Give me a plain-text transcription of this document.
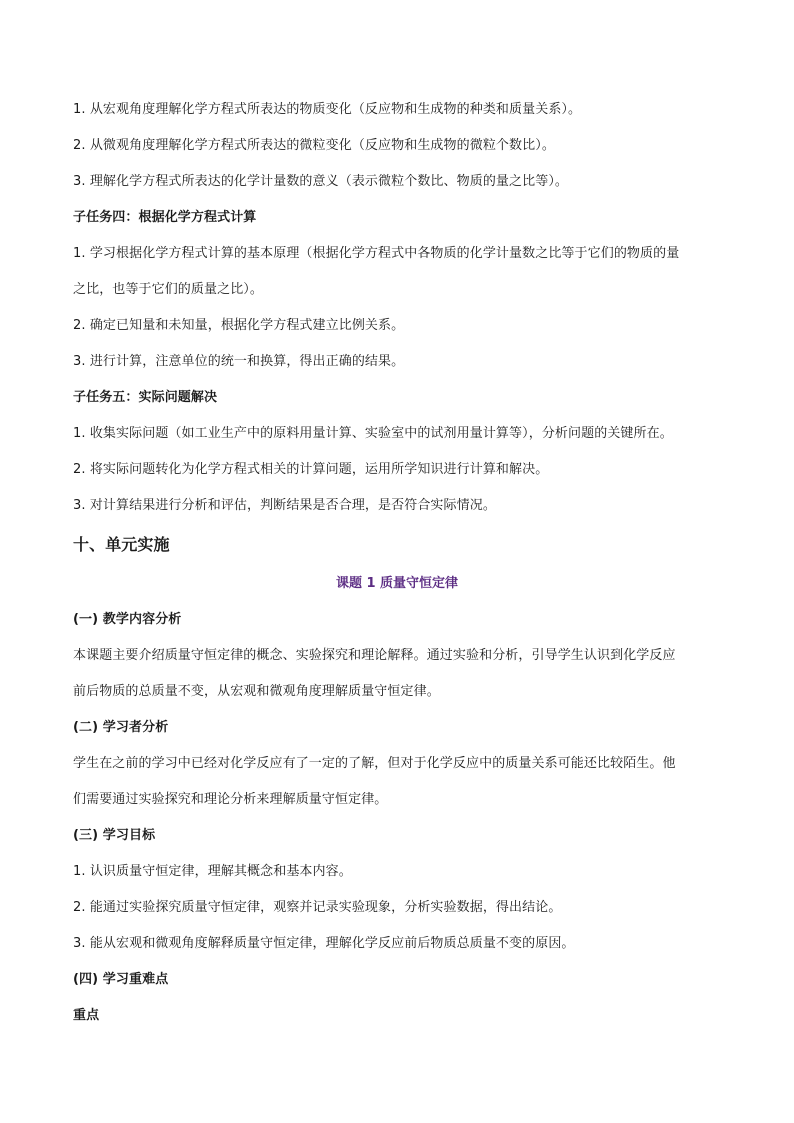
1. 从宏观角度理解化学方程式所表达的物质变化（反应物和生成物的种类和质量关系）。
2. 从微观角度理解化学方程式所表达的微粒变化（反应物和生成物的微粒个数比）。
3. 理解化学方程式所表达的化学计量数的意义（表示微粒个数比、物质的量之比等）。
子任务四：根据化学方程式计算
1. 学习根据化学方程式计算的基本原理（根据化学方程式中各物质的化学计量数之比等于它们的物质的量
之比，也等于它们的质量之比）。
2. 确定已知量和未知量，根据化学方程式建立比例关系。
3. 进行计算，注意单位的统一和换算，得出正确的结果。
子任务五：实际问题解决
1. 收集实际问题（如工业生产中的原料用量计算、实验室中的试剂用量计算等），分析问题的关键所在。
2. 将实际问题转化为化学方程式相关的计算问题，运用所学知识进行计算和解决。
3. 对计算结果进行分析和评估，判断结果是否合理，是否符合实际情况。
十、单元实施
课题 1 质量守恒定律
(一) 教学内容分析
本课题主要介绍质量守恒定律的概念、实验探究和理论解释。通过实验和分析，引导学生认识到化学反应
前后物质的总质量不变，从宏观和微观角度理解质量守恒定律。
(二) 学习者分析
学生在之前的学习中已经对化学反应有了一定的了解，但对于化学反应中的质量关系可能还比较陌生。他
们需要通过实验探究和理论分析来理解质量守恒定律。
(三) 学习目标
1. 认识质量守恒定律，理解其概念和基本内容。
2. 能通过实验探究质量守恒定律，观察并记录实验现象，分析实验数据，得出结论。
3. 能从宏观和微观角度解释质量守恒定律，理解化学反应前后物质总质量不变的原因。
(四) 学习重难点
重点
